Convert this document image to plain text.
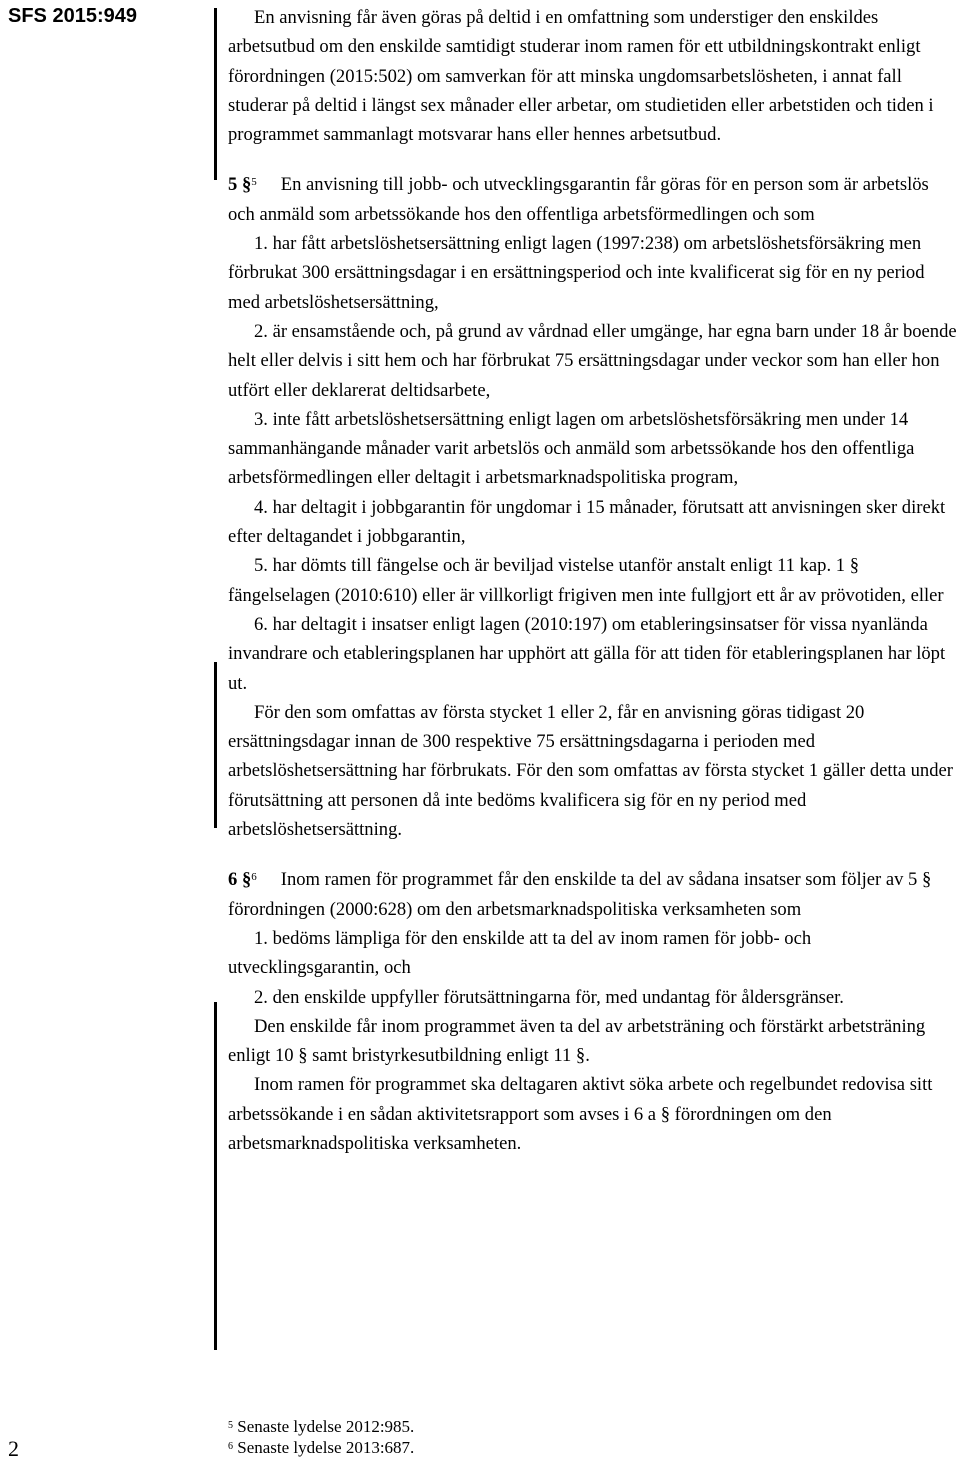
SFS 2015:949	En anvisning får även göras på deltid i en omfattning som understiger den enskildes arbetsutbud om den enskilde samtidigt studerar inom ramen för ett utbildningskontrakt enligt förordningen (2015:502) om samverkan för att minska ungdomsarbetslösheten, i annat fall studerar på deltid i längst sex månader eller arbetar, om studietiden eller arbetstiden och tiden i programmet sammanlagt motsvarar hans eller hennes arbetsutbud.

5 §$^5$ En anvisning till jobb- och utvecklingsgarantin får göras för en person som är arbetslös och anmäld som arbetssökande hos den offentliga arbetsförmedlingen och som

1. har fått arbetslöshetsersättning enligt lagen (1997:238) om arbetslöshetsförsäkring men förbrukat 300 ersättningsdagar i en ersättningsperiod och inte kvalificerat sig för en ny period med arbetslöshetsersättning,

2. är ensamstående och, på grund av vårdnad eller umgänge, har egna barn under 18 år boende helt eller delvis i sitt hem och har förbrukat 75 ersättningsdagar under veckor som han eller hon utfört eller deklarerat deltidsarbete,

3. inte fått arbetslöshetsersättning enligt lagen om arbetslöshetsförsäkring men under 14 sammanhängande månader varit arbetslös och anmäld som arbetssökande hos den offentliga arbetsförmedlingen eller deltagit i arbetsmarknadspolitiska program,

4. har deltagit i jobbgarantin för ungdomar i 15 månader, förutsatt att anvisningen sker direkt efter deltagandet i jobbgarantin,

5. har dömts till fängelse och är beviljad vistelse utanför anstalt enligt 11 kap. 1 § fängelselagen (2010:610) eller är villkorligt frigiven men inte fullgjort ett år av prövotiden, eller

6. har deltagit i insatser enligt lagen (2010:197) om etableringsinsatser för vissa nyanlända invandrare och etableringsplanen har upphört att gälla för att tiden för etableringsplanen har löpt ut.

För den som omfattas av första stycket 1 eller 2, får en anvisning göras tidigast 20 ersättningsdagar innan de 300 respektive 75 ersättningsdagarna i perioden med arbetslöshetsersättning har förbrukats. För den som omfattas av första stycket 1 gäller detta under förutsättning att personen då inte bedöms kvalificera sig för en ny period med arbetslöshetsersättning.

6 §$^6$ Inom ramen för programmet får den enskilde ta del av sådana insatser som följer av 5 § förordningen (2000:628) om den arbetsmarknadspolitiska verksamheten som

1. bedöms lämpliga för den enskilde att ta del av inom ramen för jobb- och utvecklingsgarantin, och

2. den enskilde uppfyller förutsättningarna för, med undantag för åldersgränser.

Den enskilde får inom programmet även ta del av arbetsträning och förstärkt arbetsträning enligt 10 § samt bristyrkesutbildning enligt 11 §.

Inom ramen för programmet ska deltagaren aktivt söka arbete och regelbundet redovisa sitt arbetssökande i en sådan aktivitetsrapport som avses i 6 a § förordningen om den arbetsmarknadspolitiska verksamheten.

2
$^5$ Senaste lydelse 2012:985.
$^6$ Senaste lydelse 2013:687.
